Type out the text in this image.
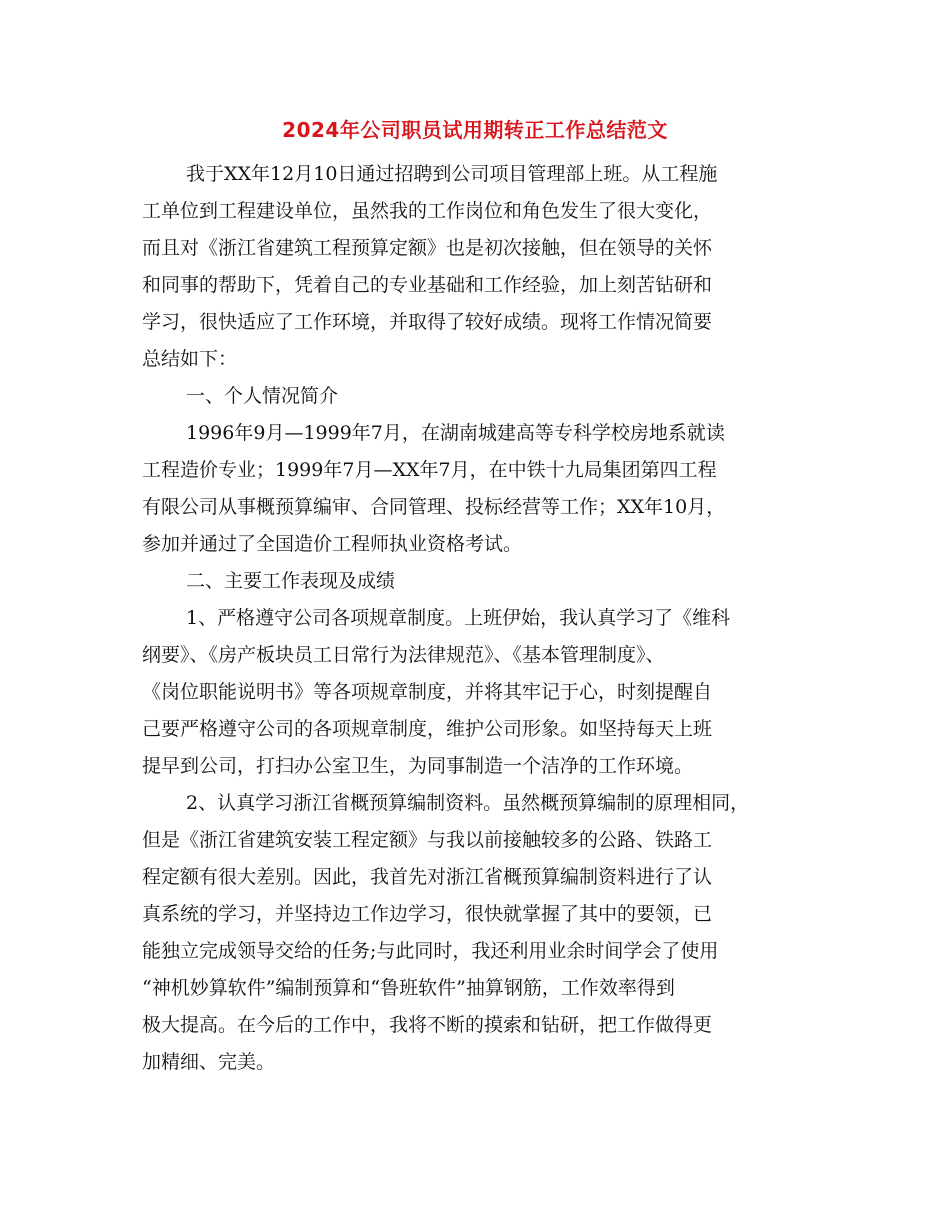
2024年公司职员试用期转正工作总结范文
我于XX年12月10日通过招聘到公司项目管理部上班。从工程施
工单位到工程建设单位，虽然我的工作岗位和角色发生了很大变化，
而且对《浙江省建筑工程预算定额》也是初次接触，但在领导的关怀
和同事的帮助下，凭着自己的专业基础和工作经验，加上刻苦钻研和
学习，很快适应了工作环境，并取得了较好成绩。现将工作情况简要
总结如下：
一、个人情况简介
1996年9月—1999年7月，在湖南城建高等专科学校房地系就读
工程造价专业；1999年7月—XX年7月，在中铁十九局集团第四工程
有限公司从事概预算编审、合同管理、投标经营等工作；XX年10月，
参加并通过了全国造价工程师执业资格考试。
二、主要工作表现及成绩
1、严格遵守公司各项规章制度。上班伊始，我认真学习了《维科
纲要》、《房产板块员工日常行为法律规范》、《基本管理制度》、
《岗位职能说明书》等各项规章制度，并将其牢记于心，时刻提醒自
己要严格遵守公司的各项规章制度，维护公司形象。如坚持每天上班
提早到公司，打扫办公室卫生，为同事制造一个洁净的工作环境。
2、认真学习浙江省概预算编制资料。虽然概预算编制的原理相同，
但是《浙江省建筑安装工程定额》与我以前接触较多的公路、铁路工
程定额有很大差别。因此，我首先对浙江省概预算编制资料进行了认
真系统的学习，并坚持边工作边学习，很快就掌握了其中的要领，已
能独立完成领导交给的任务;与此同时，我还利用业余时间学会了使用
“神机妙算软件”编制预算和“鲁班软件”抽算钢筋，工作效率得到
极大提高。在今后的工作中，我将不断的摸索和钻研，把工作做得更
加精细、完美。
